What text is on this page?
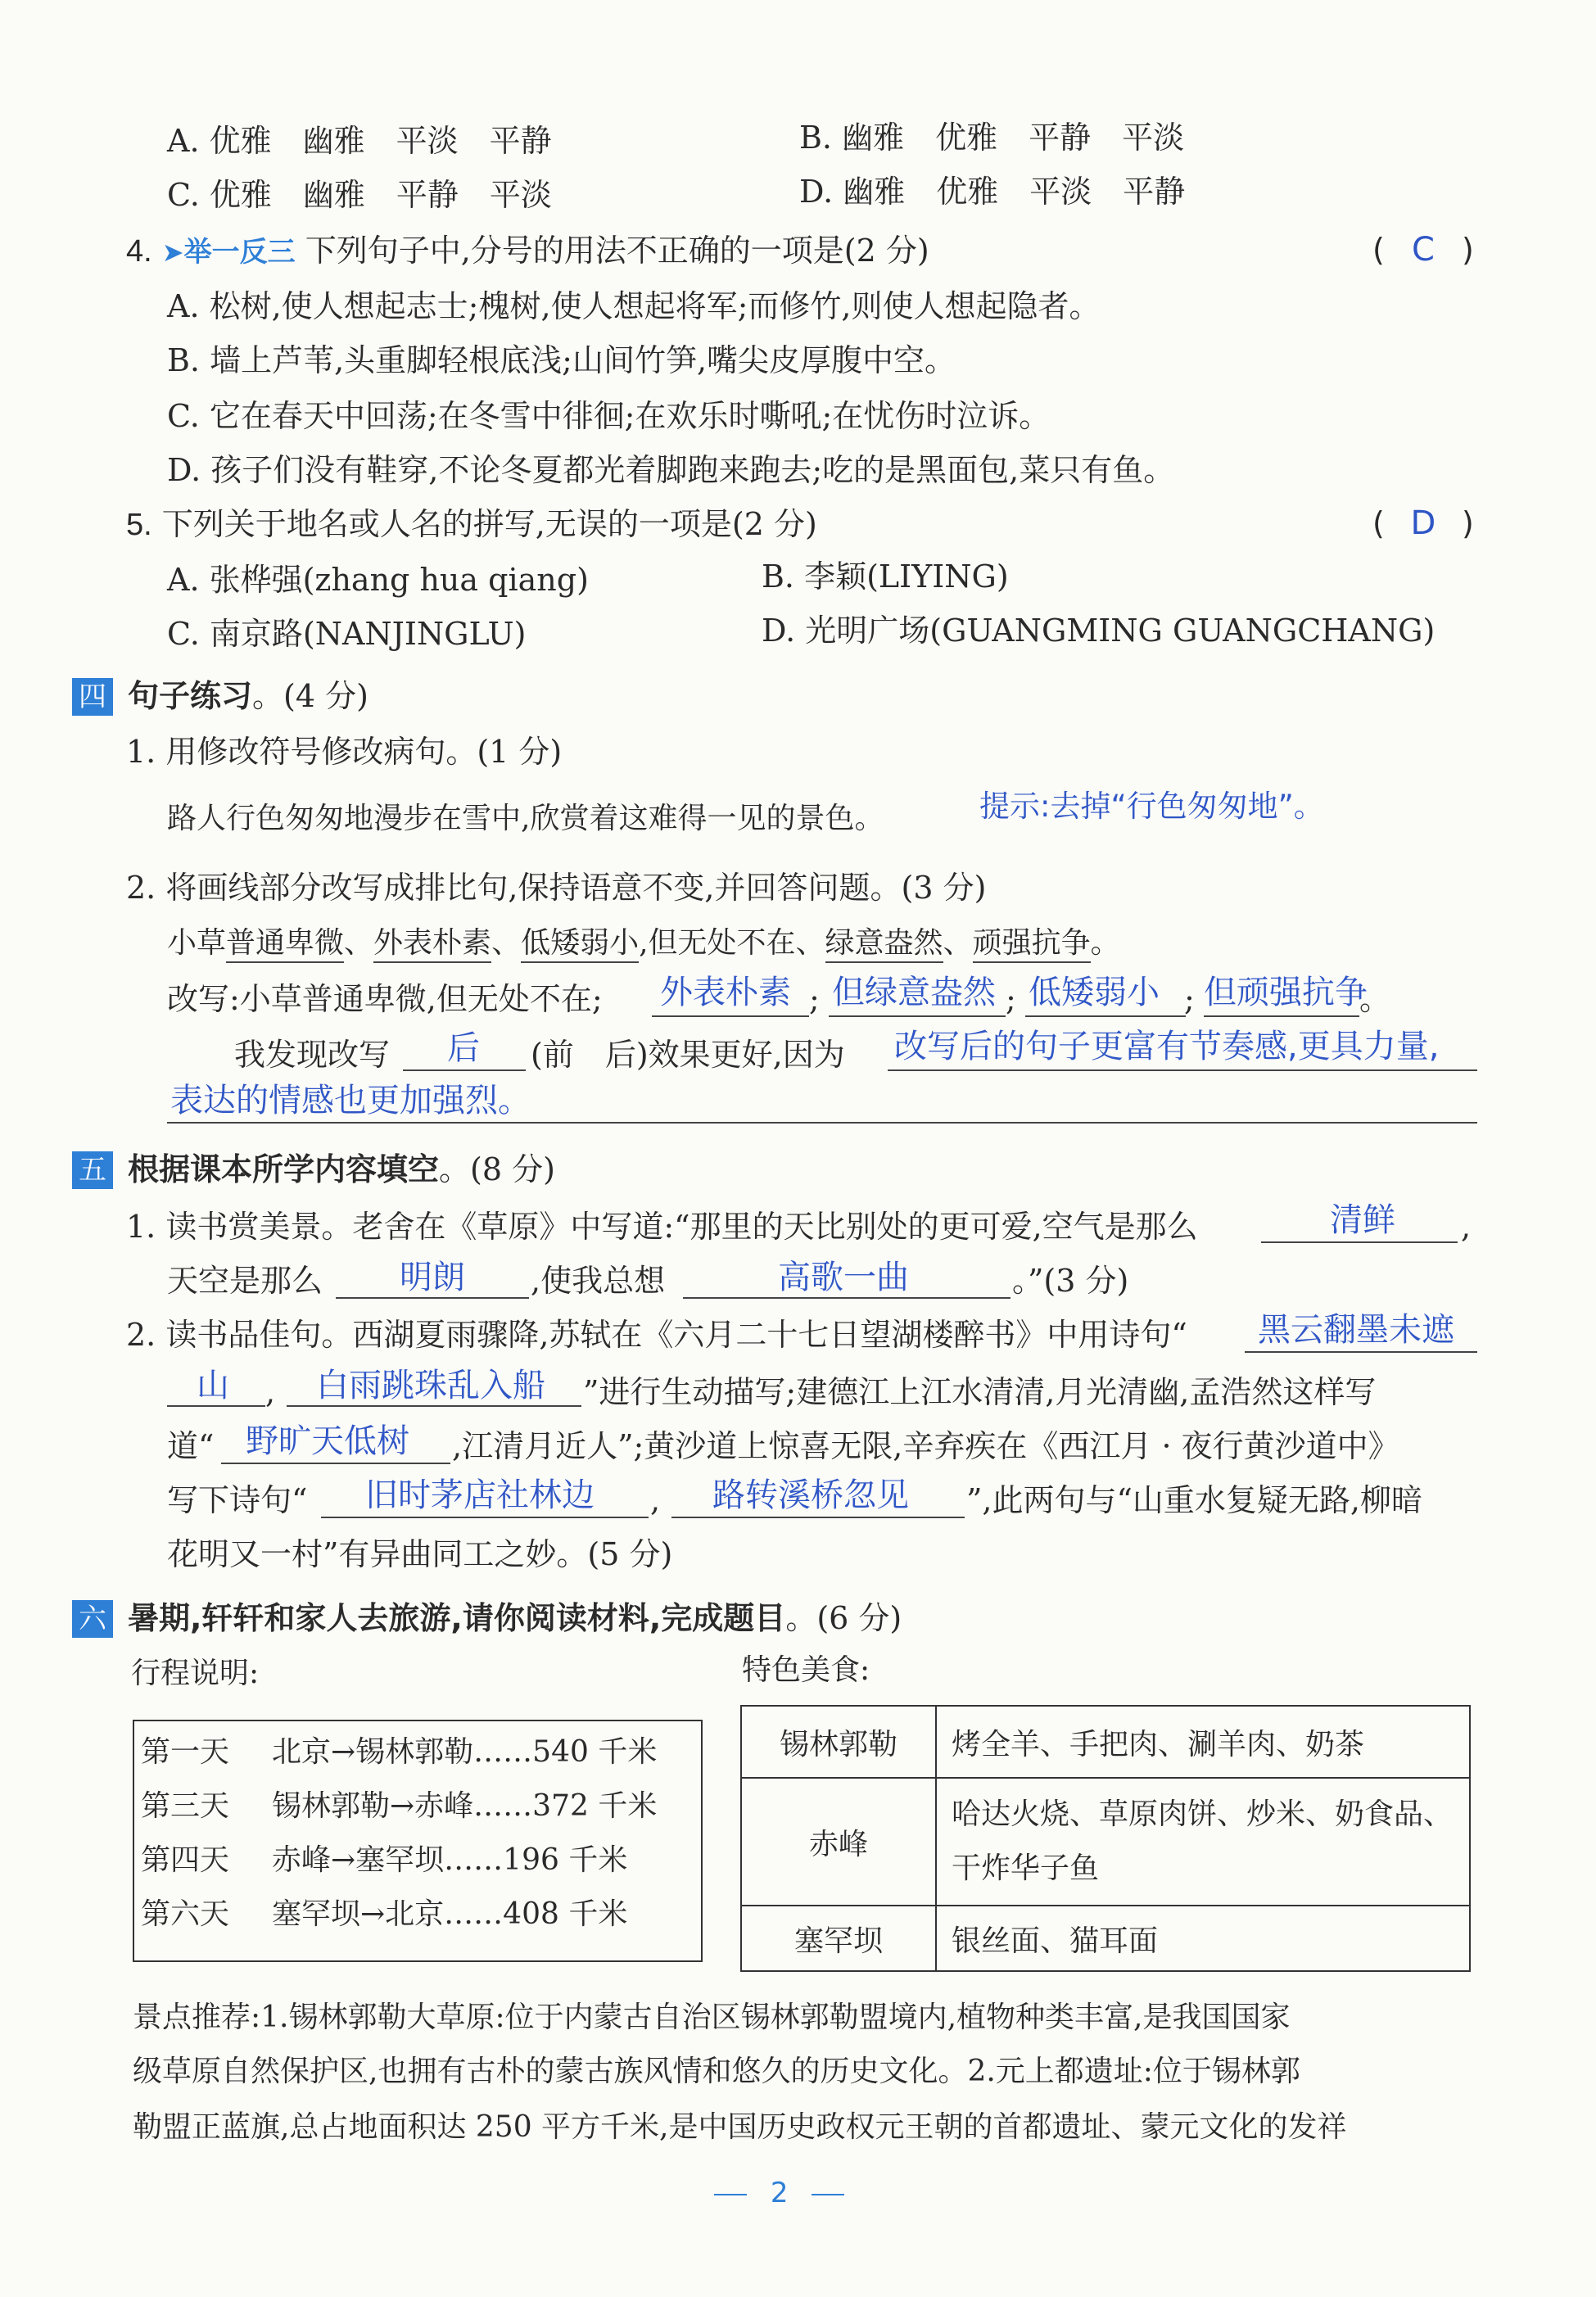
A. 优雅　幽雅　平淡　平静	B. 幽雅　优雅　平静　平淡
C. 优雅　幽雅　平静　平淡	D. 幽雅　优雅　平淡　平静
4. ➤举一反三 下列句子中,分号的用法不正确的一项是(2 分)	( C )
A. 松树,使人想起志士;槐树,使人想起将军;而修竹,则使人想起隐者。
B. 墙上芦苇,头重脚轻根底浅;山间竹笋,嘴尖皮厚腹中空。
C. 它在春天中回荡;在冬雪中徘徊;在欢乐时嘶吼;在忧伤时泣诉。
D. 孩子们没有鞋穿,不论冬夏都光着脚跑来跑去;吃的是黑面包,菜只有鱼。
5. 下列关于地名或人名的拼写,无误的一项是(2 分)	( D )
A. 张桦强(zhang hua qiang)	B. 李颖(LIYING)
C. 南京路(NANJINGLU)	D. 光明广场(GUANGMING GUANGCHANG)
四 句子练习。(4 分)
1. 用修改符号修改病句。(1 分)
路人行色匆匆地漫步在雪中,欣赏着这难得一见的景色。	提示:去掉“行色匆匆地”。
2. 将画线部分改写成排比句,保持语意不变,并回答问题。(3 分)
小草普通卑微、外表朴素、低矮弱小,但无处不在、绿意盎然、顽强抗争。
改写:小草普通卑微,但无处不在; 外表朴素 ; 但绿意盎然 ; 低矮弱小 ; 但顽强抗争
。
我发现改写 后 (前　后)效果更好,因为 改写后的句子更富有节奏感,更具力量,
表达的情感也更加强烈。
五 根据课本所学内容填空。(8 分)
1. 读书赏美景。老舍在《草原》中写道:“那里的天比别处的更可爱,空气是那么	清鲜 ,
天空是那么 明朗 ,使我总想	高歌一曲	。”(3 分)
2. 读书品佳句。西湖夏雨骤降,苏轼在《六月二十七日望湖楼醉书》中用诗句“ 黑云翻墨未遮
山 , 白雨跳珠乱入船 ”进行生动描写;建德江上江水清清,月光清幽,孟浩然这样写
道“ 野旷天低树 ,江清月近人”;黄沙道上惊喜无限,辛弃疾在《西江月 · 夜行黄沙道中》
写下诗句“ 旧时茅店社林边 , 路转溪桥忽见 ”,此两句与“山重水复疑无路,柳暗
花明又一村”有异曲同工之妙。(5 分)
六 暑期,轩轩和家人去旅游,请你阅读材料,完成题目。(6 分)
行程说明:	特色美食:
第一天 北京→锡林郭勒……540 千米
第三天 锡林郭勒→赤峰……372 千米
第四天 赤峰→塞罕坝……196 千米
第六天 塞罕坝→北京……408 千米
锡林郭勒	烤全羊、手把肉、涮羊肉、奶茶
赤峰	哈达火烧、草原肉饼、炒米、奶食品、
干炸华子鱼
塞罕坝	银丝面、猫耳面
景点推荐:1.锡林郭勒大草原:位于内蒙古自治区锡林郭勒盟境内,植物种类丰富,是我国国家
级草原自然保护区,也拥有古朴的蒙古族风情和悠久的历史文化。2.元上都遗址:位于锡林郭
勒盟正蓝旗,总占地面积达 250 平方千米,是中国历史政权元王朝的首都遗址、蒙元文化的发祥
2
